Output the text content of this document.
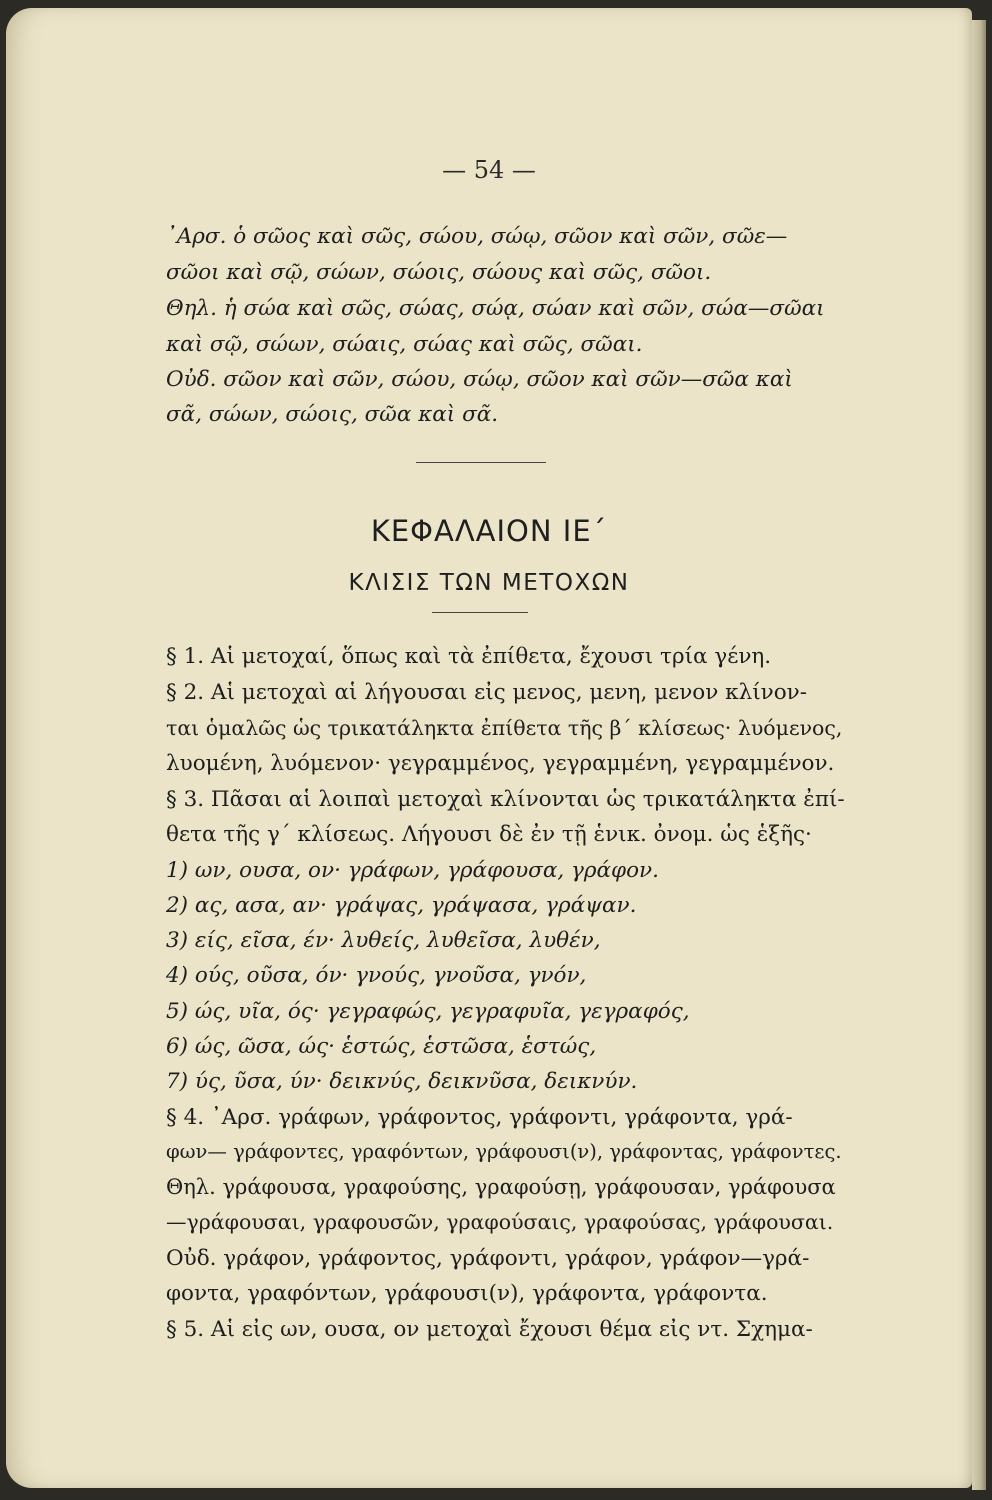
— 54 —
᾽Αρσ. ὁ σῶος καὶ σῶς, σώου, σώῳ, σῶον καὶ σῶν, σῶε—
σῶοι καὶ σῷ, σώων, σώοις, σώους καὶ σῶς, σῶοι.
Θηλ. ἡ σώα καὶ σῶς, σώας, σώᾳ, σώαν καὶ σῶν, σώα—σῶαι
καὶ σῷ, σώων, σώαις, σώας καὶ σῶς, σῶαι.
Οὐδ. σῶον καὶ σῶν, σώου, σώῳ, σῶον καὶ σῶν—σῶα καὶ
σᾶ, σώων, σώοις, σῶα καὶ σᾶ.
ΚΕΦΑΛΑΙΟΝ ΙΕ΄
ΚΛΙΣΙΣ ΤΩΝ ΜΕΤΟΧΩΝ
§ 1. Αἱ μετοχαί, ὅπως καὶ τὰ ἐπίθετα, ἔχουσι τρία γένη.
§ 2. Αἱ μετοχαὶ αἱ λήγουσαι εἰς μενος, μενη, μενον κλίνον-
ται ὁμαλῶς ὡς τρικατάληκτα ἐπίθετα τῆς β΄ κλίσεως· λυόμενος,
λυομένη, λυόμενον· γεγραμμένος, γεγραμμένη, γεγραμμένον.
§ 3. Πᾶσαι αἱ λοιπαὶ μετοχαὶ κλίνονται ὡς τρικατάληκτα ἐπί-
θετα τῆς γ΄ κλίσεως. Λήγουσι δὲ ἐν τῇ ἑνικ. ὀνομ. ὡς ἑξῆς·
1) ων, ουσα, ον· γράφων, γράφουσα, γράφον.
2) ας, ασα, αν· γράψας, γράψασα, γράψαν.
3) είς, εῖσα, έν· λυθείς, λυθεῖσα, λυθέν,
4) ούς, οῦσα, όν· γνούς, γνοῦσα, γνόν,
5) ώς, υῖα, ός· γεγραφώς, γεγραφυῖα, γεγραφός,
6) ώς, ῶσα, ώς· ἑστώς, ἑστῶσα, ἑστώς,
7) ύς, ῦσα, ύν· δεικνύς, δεικνῦσα, δεικνύν.
§ 4. ᾽Αρσ. γράφων, γράφοντος, γράφοντι, γράφοντα, γρά-
φων— γράφοντες, γραφόντων, γράφουσι(ν), γράφοντας, γράφοντες.
Θηλ. γράφουσα, γραφούσης, γραφούσῃ, γράφουσαν, γράφουσα
—γράφουσαι, γραφουσῶν, γραφούσαις, γραφούσας, γράφουσαι.
Οὐδ. γράφον, γράφοντος, γράφοντι, γράφον, γράφον—γρά-
φοντα, γραφόντων, γράφουσι(ν), γράφοντα, γράφοντα.
§ 5. Αἱ εἰς ων, ουσα, ον μετοχαὶ ἔχουσι θέμα εἰς ντ. Σχημα-
